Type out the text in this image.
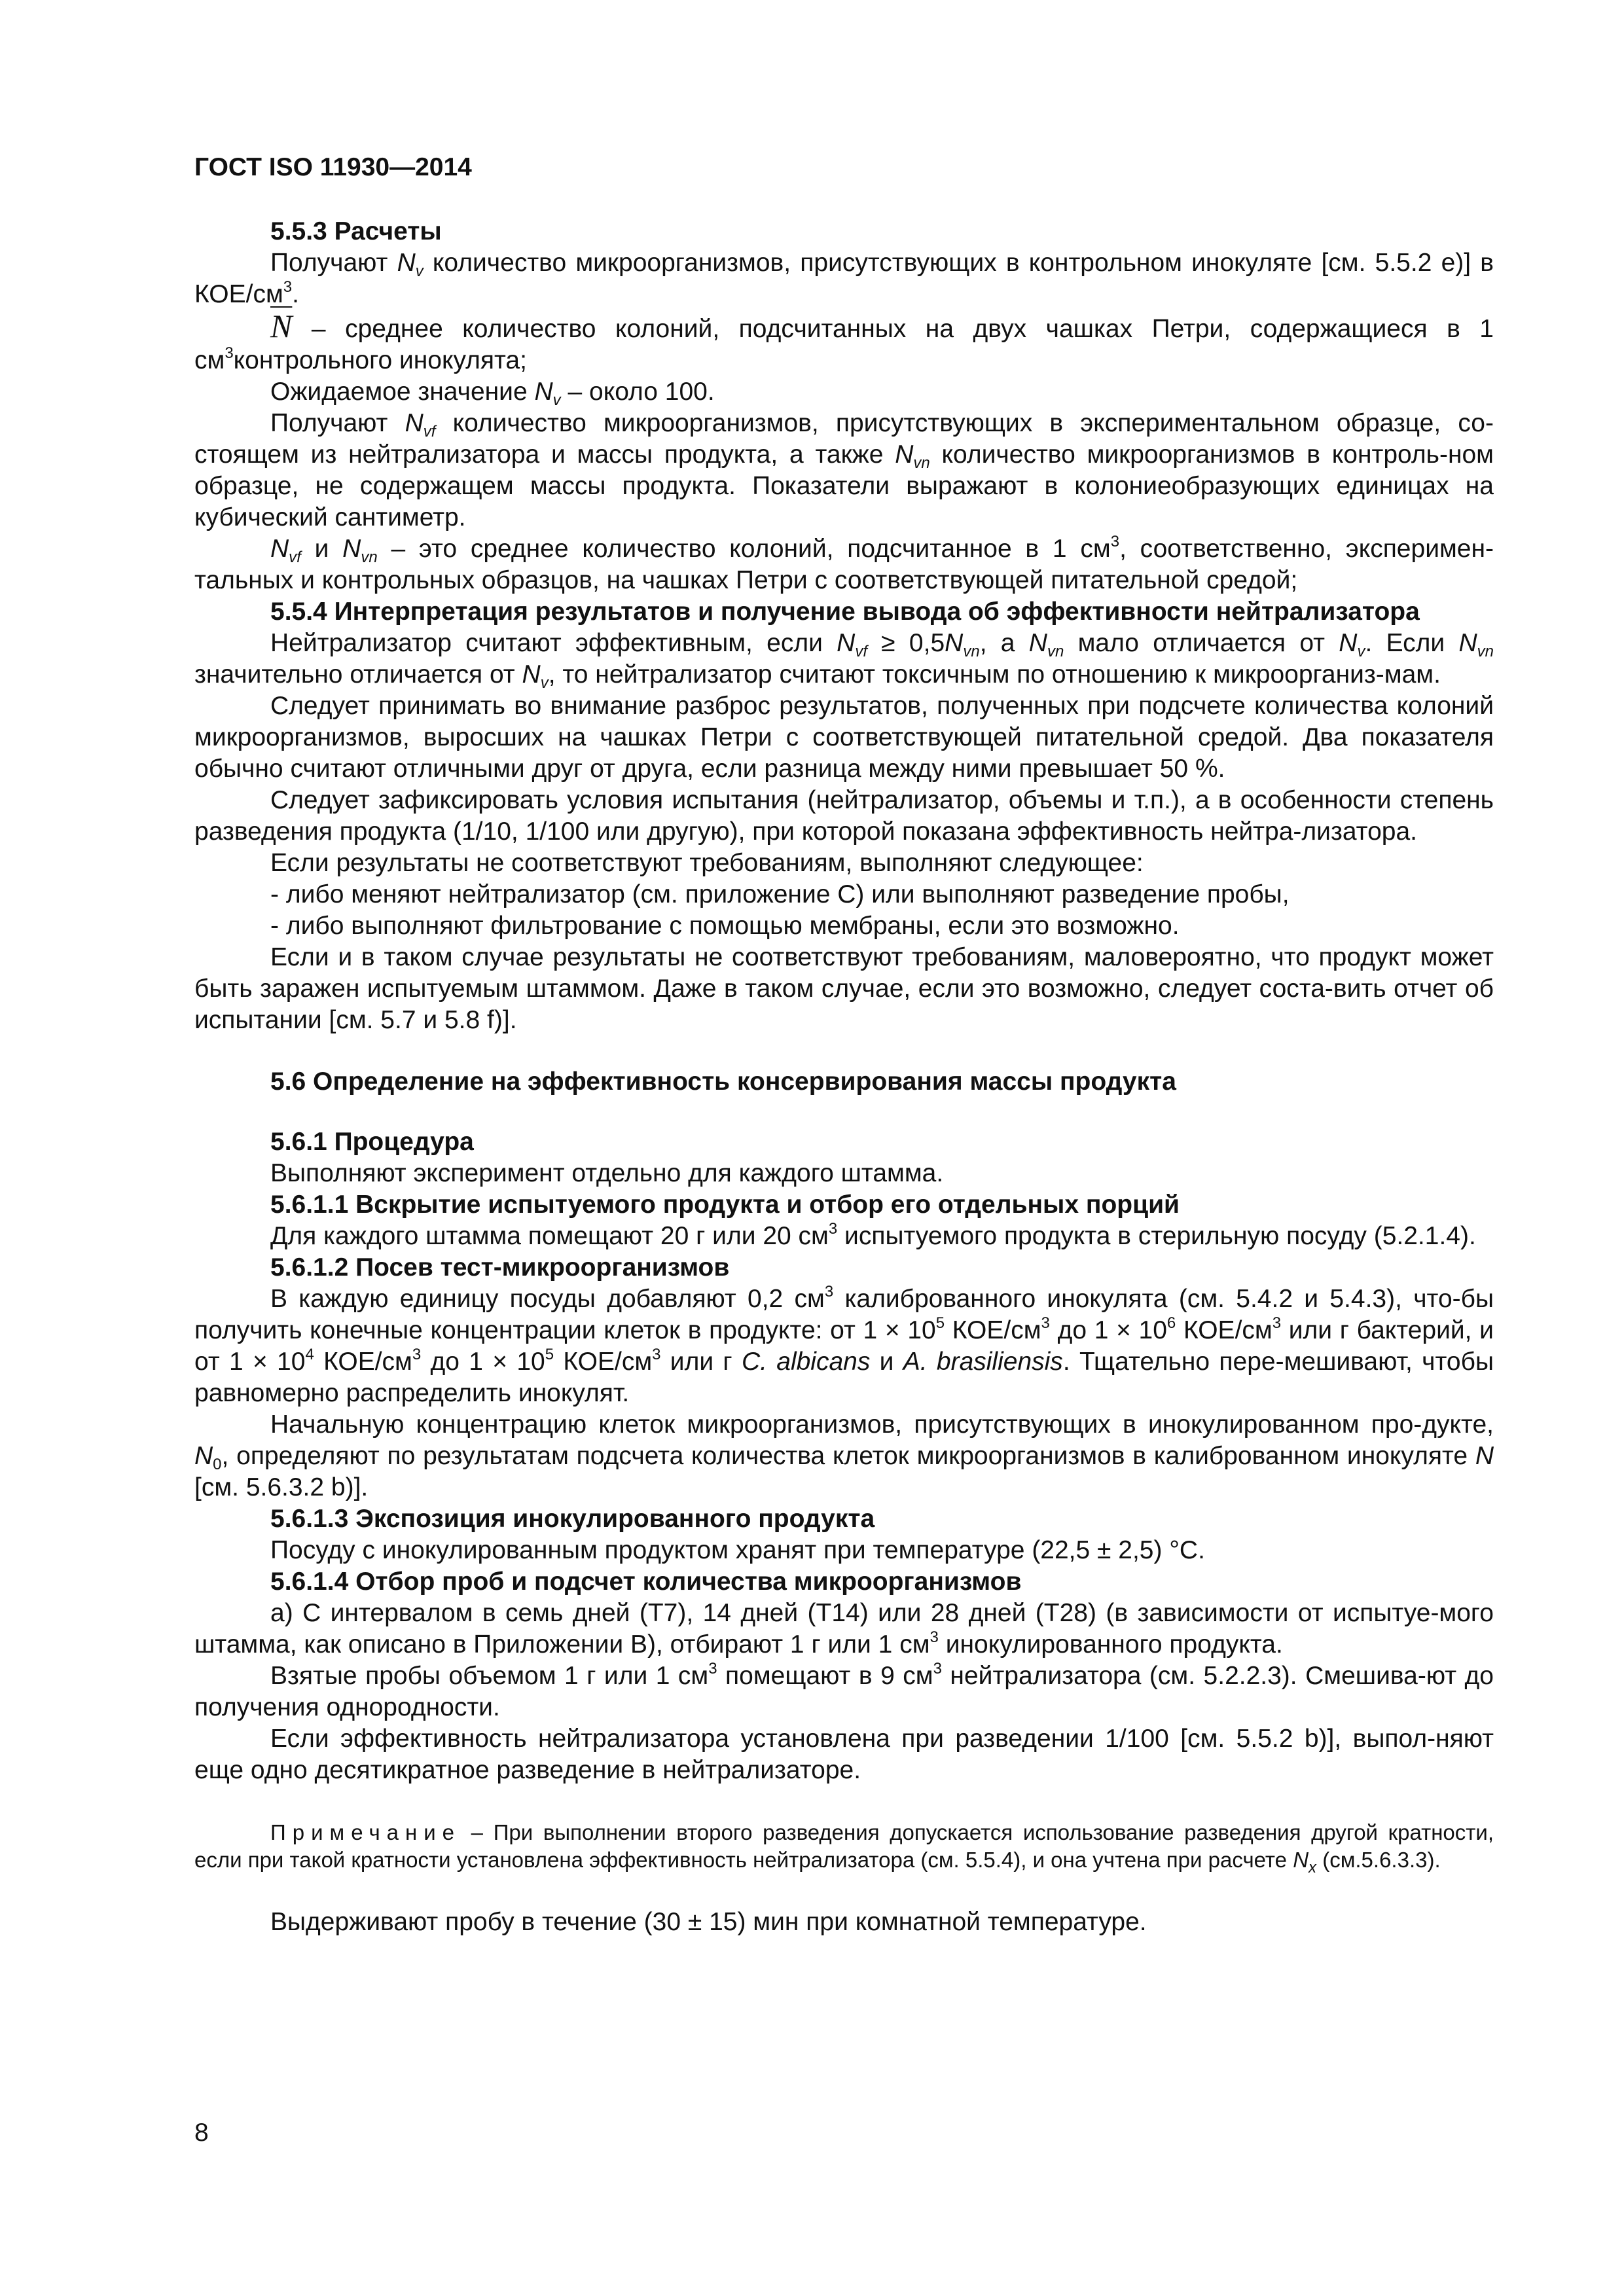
ГОСТ ISO 11930—2014
5.5.3 Расчеты

Получают $N_v$ количество микроорганизмов, присутствующих в контрольном инокуляте [см. 5.5.2 е)] в КОЕ/$см^3$.

$\overline{N}$ – среднее количество колоний, подсчитанных на двух чашках Петри, содержащиеся в 1 $см^3контрольного$ инокулята;

Ожидаемое значение $N_v$ – около 100.

Получают $N_{vf}$ количество микроорганизмов, присутствующих в экспериментальном образце, со-стоящем из нейтрализатора и массы продукта, а также $N_{vn}$ количество микроорганизмов в контроль-ном образце, не содержащем массы продукта. Показатели выражают в колониеобразующих единицах на кубический сантиметр.

$N_{vf}$ и $N_{vn}$ – это среднее количество колоний, подсчитанное в 1 $см^3$, соответственно, эксперимен-тальных и контрольных образцов, на чашках Петри с соответствующей питательной средой;

5.5.4 Интерпретация результатов и получение вывода об эффективности нейтрализатора

Нейтрализатор считают эффективным, если $N_{vf} \ge 0,5N_{vn}$, а $N_{vn}$ мало отличается от $N_v$. Если $N_{vn}$ значительно отличается от $N_v$, то нейтрализатор считают токсичным по отношению к микроорганиз-мам.

Следует принимать во внимание разброс результатов, полученных при подсчете количества колоний микроорганизмов, выросших на чашках Петри с соответствующей питательной средой. Два показателя обычно считают отличными друг от друга, если разница между ними превышает 50 %.

Следует зафиксировать условия испытания (нейтрализатор, объемы и т.п.), а в особенности степень разведения продукта (1/10, 1/100 или другую), при которой показана эффективность нейтра-лизатора.

Если результаты не соответствуют требованиям, выполняют следующее:

- либо меняют нейтрализатор (см. приложение С) или выполняют разведение пробы,

- либо выполняют фильтрование с помощью мембраны, если это возможно.

Если и в таком случае результаты не соответствуют требованиям, маловероятно, что продукт может быть заражен испытуемым штаммом. Даже в таком случае, если это возможно, следует соста-вить отчет об испытании [см. 5.7 и 5.8 f)].

5.6 Определение на эффективность консервирования массы продукта
5.6.1 Процедура

Выполняют эксперимент отдельно для каждого штамма.

5.6.1.1 Вскрытие испытуемого продукта и отбор его отдельных порций

Для каждого штамма помещают 20 г или 20 $см^3$ испытуемого продукта в стерильную посуду (5.2.1.4).

5.6.1.2 Посев тест-микроорганизмов

В каждую единицу посуды добавляют 0,2 $см^3$ калиброванного инокулята (см. 5.4.2 и 5.4.3), что-бы получить конечные концентрации клеток в продукте: от $1 \times 10^5$ КОЕ/$см^3$ до $1 \times 10^6$ КОЕ/$см^3$ или г бактерий, и от $1 \times 10^4$ КОЕ/$см^3$ до $1 \times 10^5$ КОЕ/$см^3$ или г C. albicans и A. brasiliensis. Тщательно пере-мешивают, чтобы равномерно распределить инокулят.

Начальную концентрацию клеток микроорганизмов, присутствующих в инокулированном про-дукте, $N_0$, определяют по результатам подсчета количества клеток микроорганизмов в калиброванном инокуляте N [см. 5.6.3.2 b)].

5.6.1.3 Экспозиция инокулированного продукта

Посуду с инокулированным продуктом хранят при температуре (22,5 ± 2,5) °С.

5.6.1.4 Отбор проб и подсчет количества микроорганизмов

а) С интервалом в семь дней (T7), 14 дней (T14) или 28 дней (T28) (в зависимости от испытуе-мого штамма, как описано в Приложении В), отбирают 1 г или 1 $см^3$ инокулированного продукта.

Взятые пробы объемом 1 г или 1 $см^3$ помещают в 9 $см^3$ нейтрализатора (см. 5.2.2.3). Смешива-ют до получения однородности.

Если эффективность нейтрализатора установлена при разведении 1/100 [см. 5.5.2 b)], выпол-няют еще одно десятикратное разведение в нейтрализаторе.

Примечание – При выполнении второго разведения допускается использование разведения другой кратности, если при такой кратности установлена эффективность нейтрализатора (см. 5.5.4), и она учтена при расчете $N_x$ (см.5.6.3.3).

Выдерживают пробу в течение (30 ± 15) мин при комнатной температуре.

8
